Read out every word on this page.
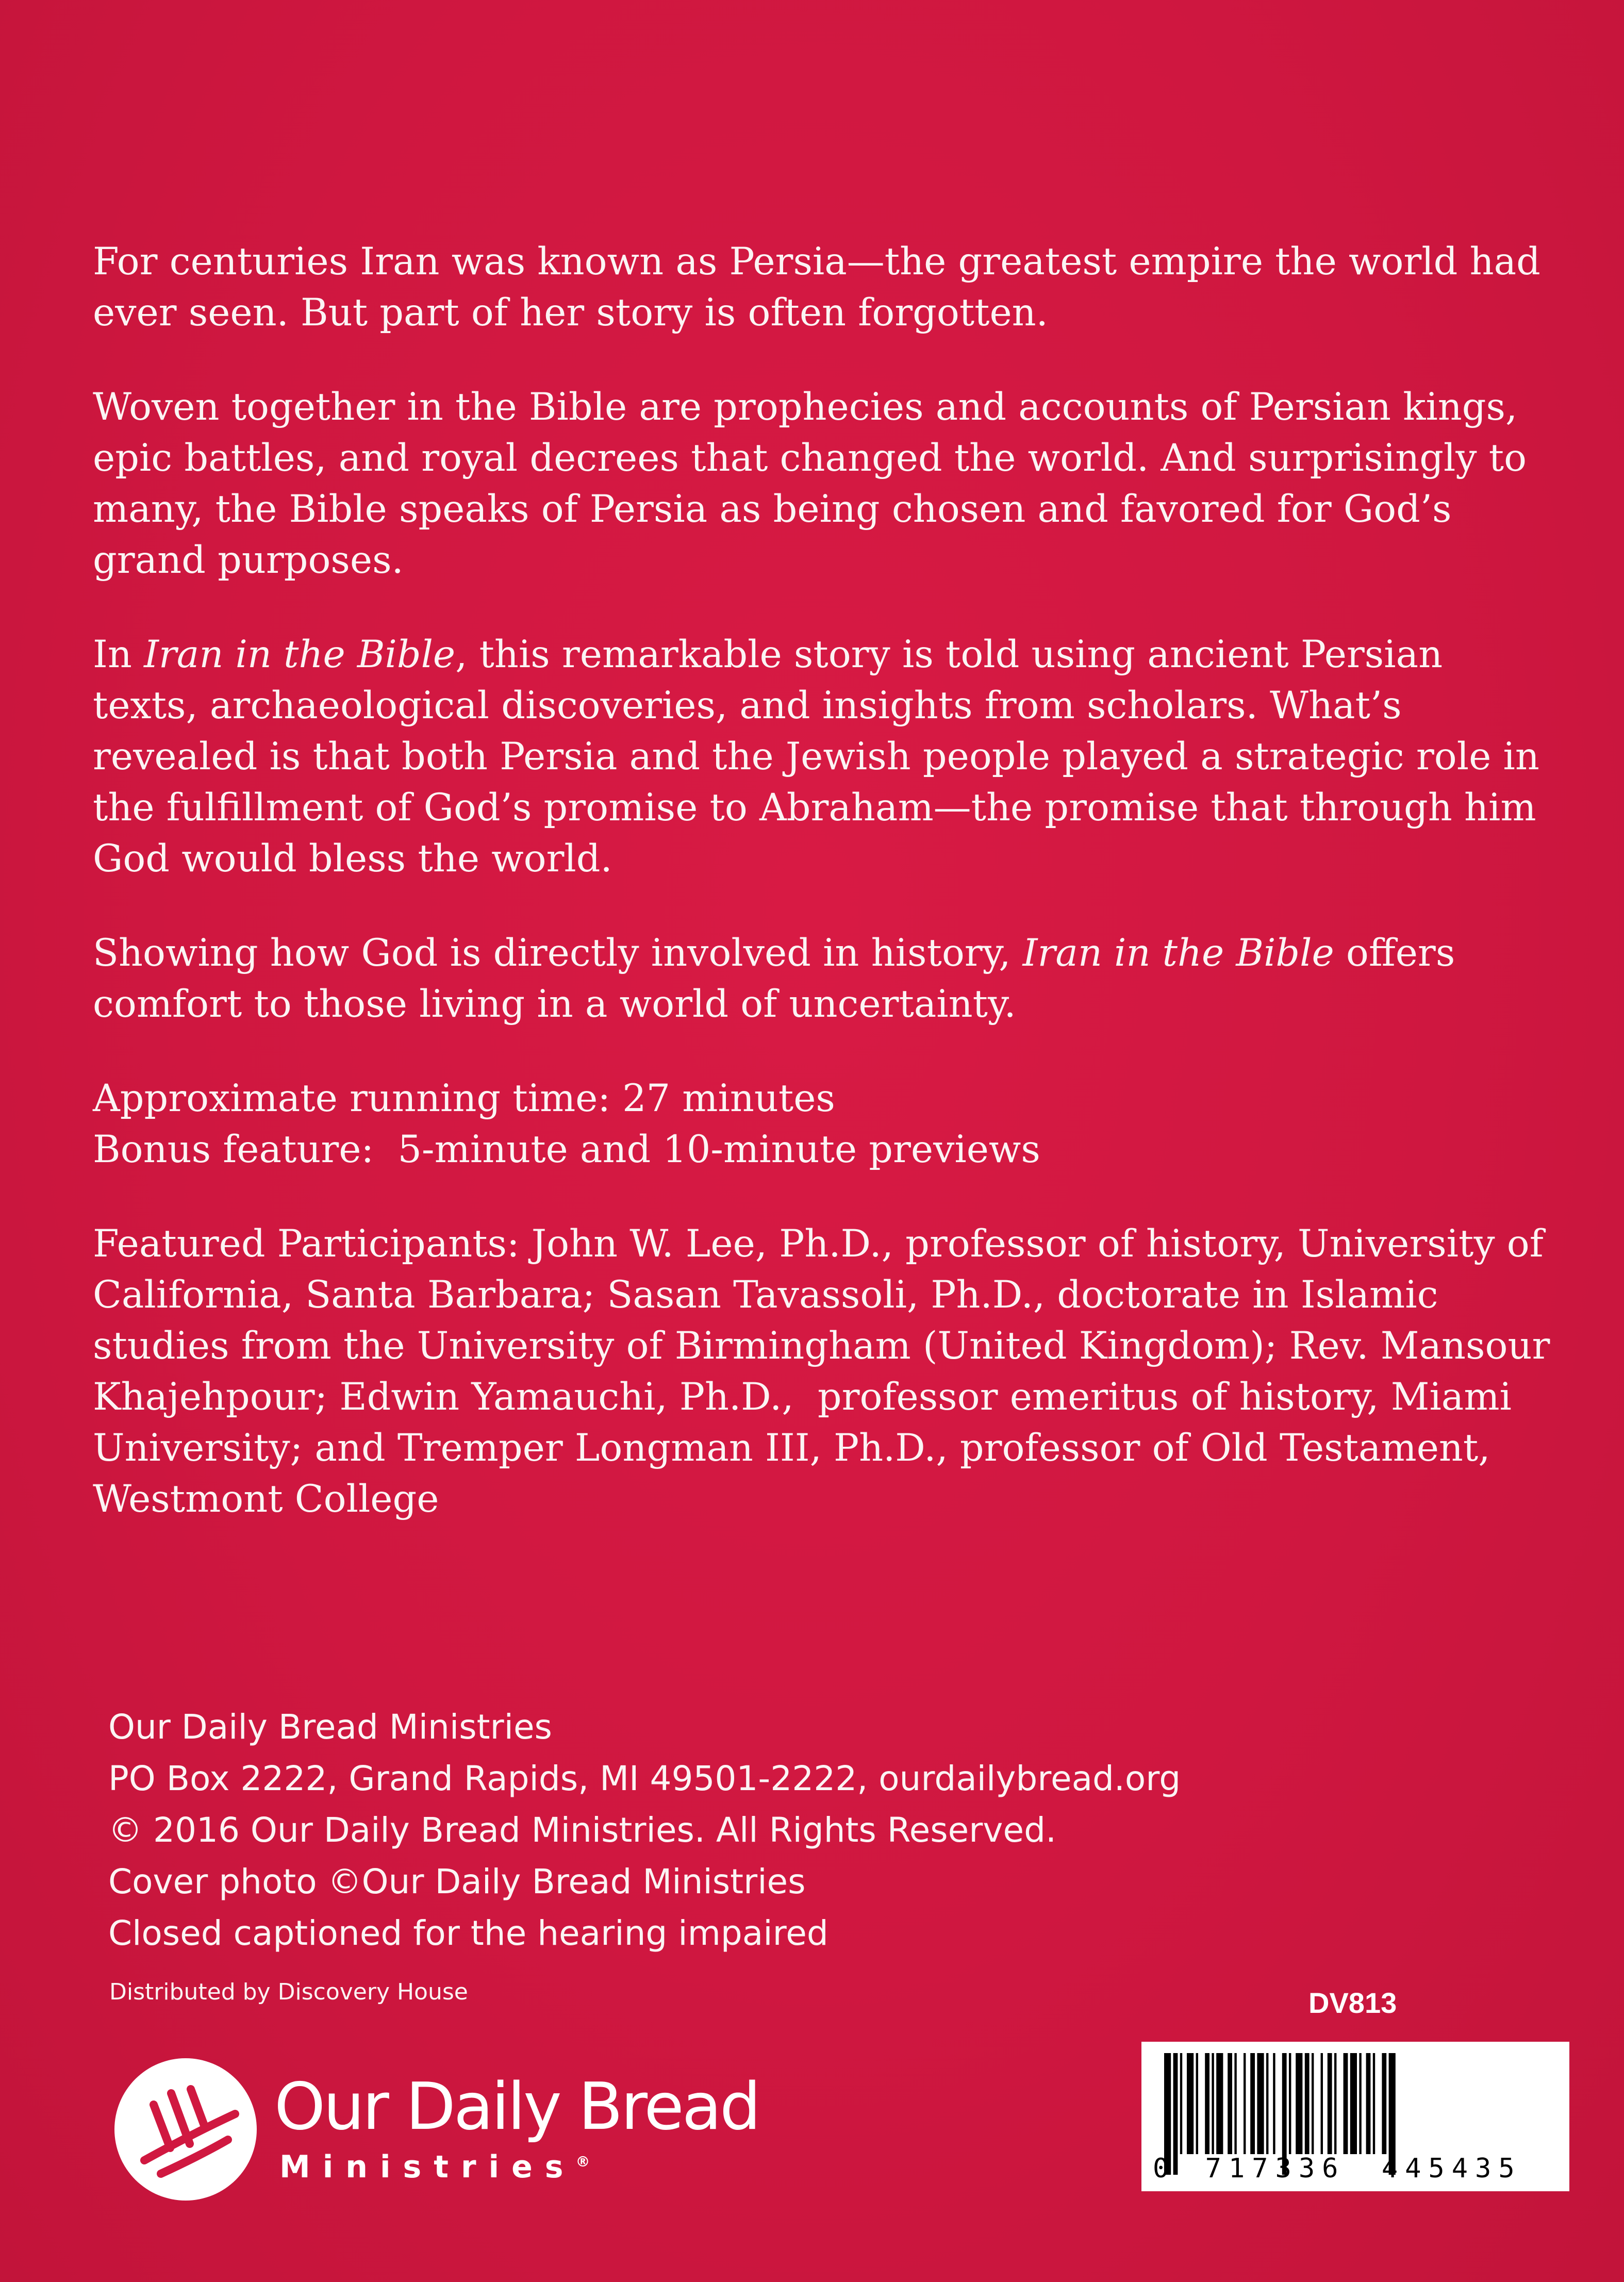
For centuries Iran was known as Persia—the greatest empire the world had ever seen. But part of her story is often forgotten.

Woven together in the Bible are prophecies and accounts of Persian kings, epic battles, and royal decrees that changed the world. And surprisingly to many, the Bible speaks of Persia as being chosen and favored for God’s grand purposes.

In Iran in the Bible, this remarkable story is told using ancient Persian texts, archaeological discoveries, and insights from scholars. What’s revealed is that both Persia and the Jewish people played a strategic role in the fulfillment of God’s promise to Abraham—the promise that through him God would bless the world.

Showing how God is directly involved in history, Iran in the Bible offers comfort to those living in a world of uncertainty.

Approximate running time: 27 minutes
Bonus feature:  5-minute and 10-minute previews

Featured Participants: John W. Lee, Ph.D., professor of history, University of California, Santa Barbara; Sasan Tavassoli, Ph.D., doctorate in Islamic studies from the University of Birmingham (United Kingdom); Rev. Mansour Khajehpour; Edwin Yamauchi, Ph.D.,  professor emeritus of history, Miami University; and Tremper Longman III, Ph.D., professor of Old Testament, Westmont College

Our Daily Bread Ministries
PO Box 2222, Grand Rapids, MI 49501-2222, ourdailybread.org
© 2016 Our Daily Bread Ministries. All Rights Reserved.
Cover photo ©Our Daily Bread Ministries
Closed captioned for the hearing impaired
Distributed by Discovery House	DV813
0 717336 445435
Our Daily Bread
Ministries®
